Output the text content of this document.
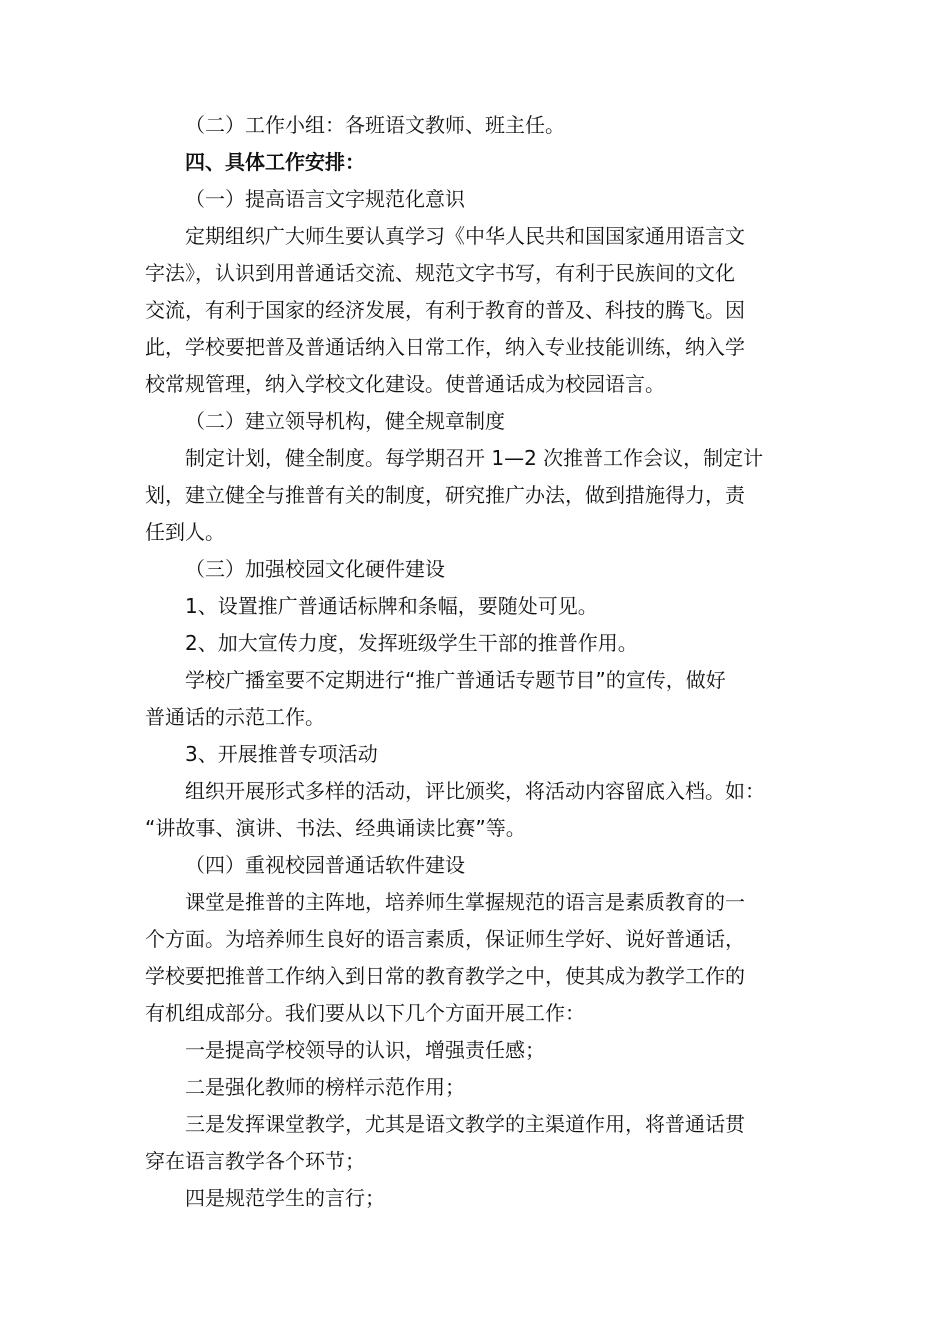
（二）工作小组：各班语文教师、班主任。
四、具体工作安排：
（一）提高语言文字规范化意识
定期组织广大师生要认真学习《中华人民共和国国家通用语言文
字法》，认识到用普通话交流、规范文字书写，有利于民族间的文化
交流，有利于国家的经济发展，有利于教育的普及、科技的腾飞。因
此，学校要把普及普通话纳入日常工作，纳入专业技能训练，纳入学
校常规管理，纳入学校文化建设。使普通话成为校园语言。
（二）建立领导机构，健全规章制度
制定计划，健全制度。每学期召开 1—2 次推普工作会议，制定计
划，建立健全与推普有关的制度，研究推广办法，做到措施得力，责
任到人。
（三）加强校园文化硬件建设
1、设置推广普通话标牌和条幅，要随处可见。
2、加大宣传力度，发挥班级学生干部的推普作用。
学校广播室要不定期进行“推广普通话专题节目”的宣传，做好
普通话的示范工作。
3、开展推普专项活动
组织开展形式多样的活动，评比颁奖，将活动内容留底入档。如：
“讲故事、演讲、书法、经典诵读比赛”等。
（四）重视校园普通话软件建设
课堂是推普的主阵地，培养师生掌握规范的语言是素质教育的一
个方面。为培养师生良好的语言素质，保证师生学好、说好普通话，
学校要把推普工作纳入到日常的教育教学之中，使其成为教学工作的
有机组成部分。我们要从以下几个方面开展工作：
一是提高学校领导的认识，增强责任感；
二是强化教师的榜样示范作用；
三是发挥课堂教学，尤其是语文教学的主渠道作用，将普通话贯
穿在语言教学各个环节；
四是规范学生的言行；
